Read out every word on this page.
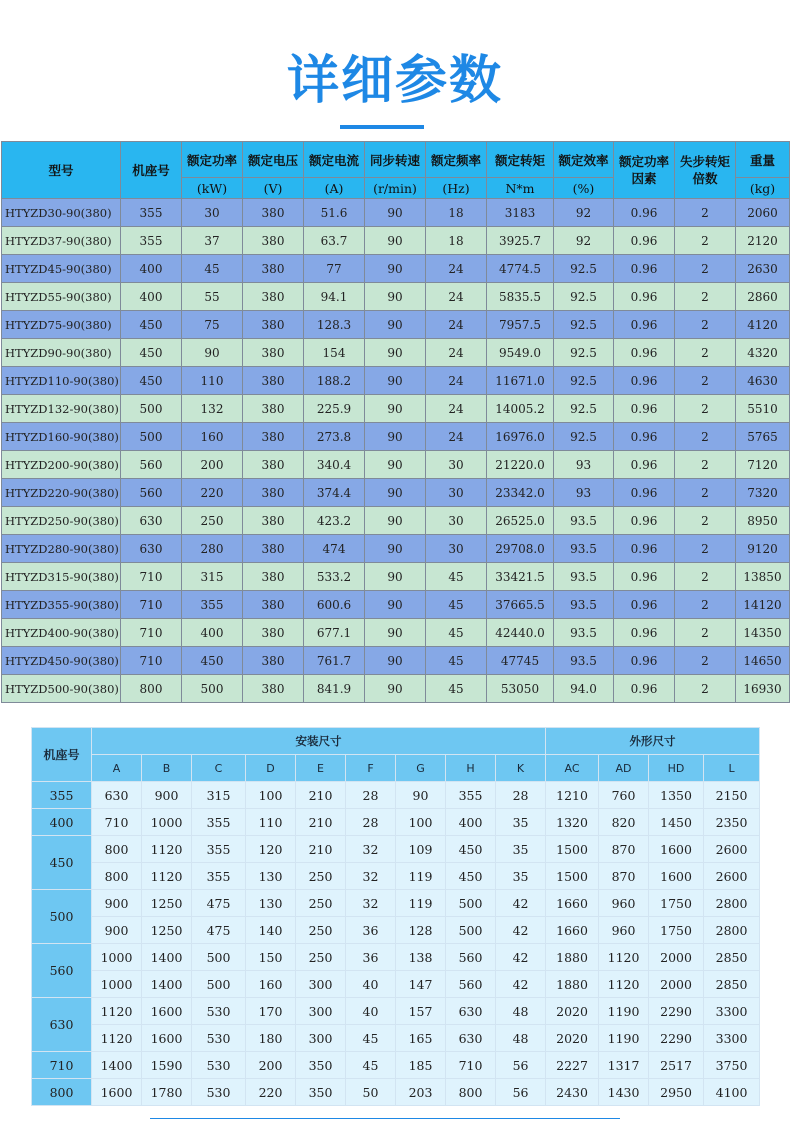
详细参数
型号	机座号	额定功率	额定电压	额定电流	同步转速	额定频率	额定转矩	额定效率	额定功率因素	失步转矩倍数	重量
		(kW)	(V)	(A)	(r/min)	(Hz)	N*m	(%)			(kg)
HTYZD30-90(380)	355	30	380	51.6	90	18	3183	92	0.96	2	2060
HTYZD37-90(380)	355	37	380	63.7	90	18	3925.7	92	0.96	2	2120
HTYZD45-90(380)	400	45	380	77	90	24	4774.5	92.5	0.96	2	2630
HTYZD55-90(380)	400	55	380	94.1	90	24	5835.5	92.5	0.96	2	2860
HTYZD75-90(380)	450	75	380	128.3	90	24	7957.5	92.5	0.96	2	4120
HTYZD90-90(380)	450	90	380	154	90	24	9549.0	92.5	0.96	2	4320
HTYZD110-90(380)	450	110	380	188.2	90	24	11671.0	92.5	0.96	2	4630
HTYZD132-90(380)	500	132	380	225.9	90	24	14005.2	92.5	0.96	2	5510
HTYZD160-90(380)	500	160	380	273.8	90	24	16976.0	92.5	0.96	2	5765
HTYZD200-90(380)	560	200	380	340.4	90	30	21220.0	93	0.96	2	7120
HTYZD220-90(380)	560	220	380	374.4	90	30	23342.0	93	0.96	2	7320
HTYZD250-90(380)	630	250	380	423.2	90	30	26525.0	93.5	0.96	2	8950
HTYZD280-90(380)	630	280	380	474	90	30	29708.0	93.5	0.96	2	9120
HTYZD315-90(380)	710	315	380	533.2	90	45	33421.5	93.5	0.96	2	13850
HTYZD355-90(380)	710	355	380	600.6	90	45	37665.5	93.5	0.96	2	14120
HTYZD400-90(380)	710	400	380	677.1	90	45	42440.0	93.5	0.96	2	14350
HTYZD450-90(380)	710	450	380	761.7	90	45	47745	93.5	0.96	2	14650
HTYZD500-90(380)	800	500	380	841.9	90	45	53050	94.0	0.96	2	16930
机座号	安装尺寸									外形尺寸			
	A	B	C	D	E	F	G	H	K	AC	AD	HD	L
355	630	900	315	100	210	28	90	355	28	1210	760	1350	2150
400	710	1000	355	110	210	28	100	400	35	1320	820	1450	2350
450	800	1120	355	120	210	32	109	450	35	1500	870	1600	2600
	800	1120	355	130	250	32	119	450	35	1500	870	1600	2600
500	900	1250	475	130	250	32	119	500	42	1660	960	1750	2800
	900	1250	475	140	250	36	128	500	42	1660	960	1750	2800
560	1000	1400	500	150	250	36	138	560	42	1880	1120	2000	2850
	1000	1400	500	160	300	40	147	560	42	1880	1120	2000	2850
630	1120	1600	530	170	300	40	157	630	48	2020	1190	2290	3300
	1120	1600	530	180	300	45	165	630	48	2020	1190	2290	3300
710	1400	1590	530	200	350	45	185	710	56	2227	1317	2517	3750
800	1600	1780	530	220	350	50	203	800	56	2430	1430	2950	4100
